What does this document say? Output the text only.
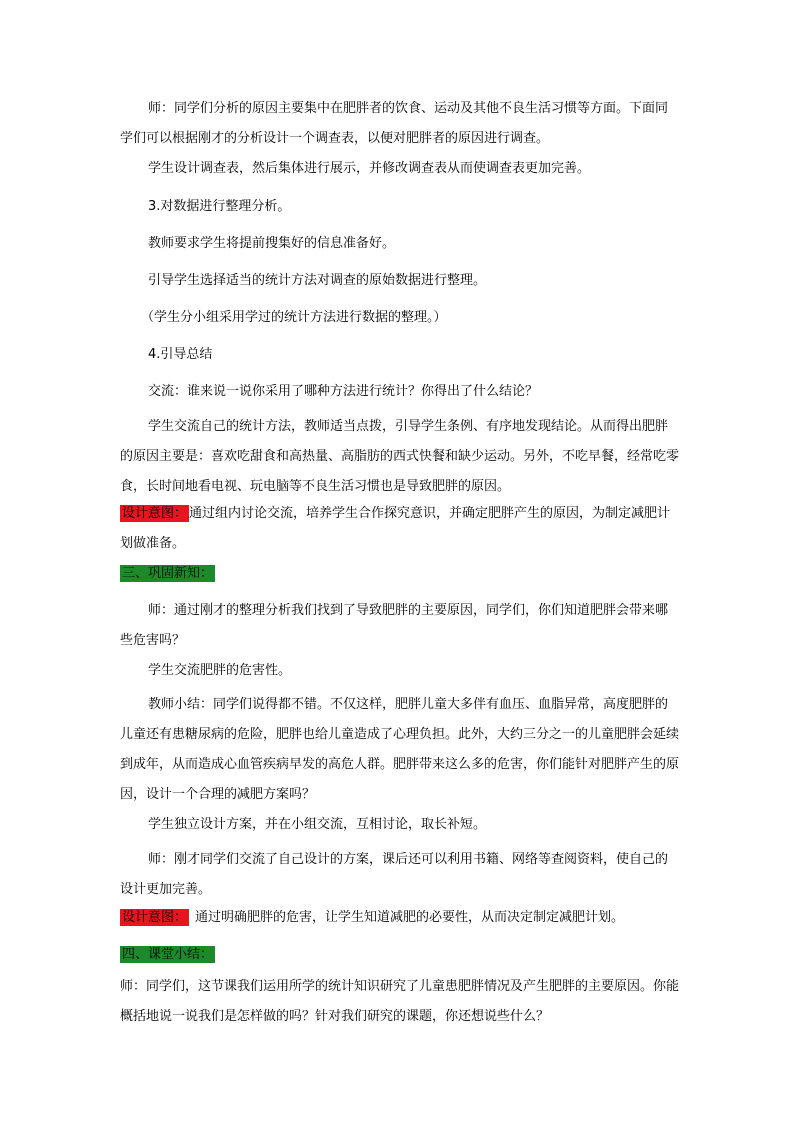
师：同学们分析的原因主要集中在肥胖者的饮食、运动及其他不良生活习惯等方面。下面同学们可以根据刚才的分析设计一个调查表，以便对肥胖者的原因进行调查。

学生设计调查表，然后集体进行展示，并修改调查表从而使调查表更加完善。

3.对数据进行整理分析。

教师要求学生将提前搜集好的信息准备好。

引导学生选择适当的统计方法对调查的原始数据进行整理。

（学生分小组采用学过的统计方法进行数据的整理。）

4.引导总结

交流：谁来说一说你采用了哪种方法进行统计？你得出了什么结论？

学生交流自己的统计方法，教师适当点拨，引导学生条例、有序地发现结论。从而得出肥胖的原因主要是：喜欢吃甜食和高热量、高脂肪的西式快餐和缺少运动。另外，不吃早餐，经常吃零食，长时间地看电视、玩电脑等不良生活习惯也是导致肥胖的原因。

设计意图： 通过组内讨论交流，培养学生合作探究意识，并确定肥胖产生的原因，为制定减肥计划做准备。

三、巩固新知：

师：通过刚才的整理分析我们找到了导致肥胖的主要原因，同学们，你们知道肥胖会带来哪些危害吗？

学生交流肥胖的危害性。

教师小结：同学们说得都不错。不仅这样，肥胖儿童大多伴有血压、血脂异常，高度肥胖的儿童还有患糖尿病的危险，肥胖也给儿童造成了心理负担。此外，大约三分之一的儿童肥胖会延续到成年，从而造成心血管疾病早发的高危人群。肥胖带来这么多的危害，你们能针对肥胖产生的原因，设计一个合理的减肥方案吗？

学生独立设计方案，并在小组交流，互相讨论，取长补短。

师：刚才同学们交流了自己设计的方案，课后还可以利用书籍、网络等查阅资料，使自己的设计更加完善。

设计意图： 通过明确肥胖的危害，让学生知道减肥的必要性，从而决定制定减肥计划。

四、课堂小结：

师：同学们，这节课我们运用所学的统计知识研究了儿童患肥胖情况及产生肥胖的主要原因。你能概括地说一说我们是怎样做的吗？针对我们研究的课题，你还想说些什么？
